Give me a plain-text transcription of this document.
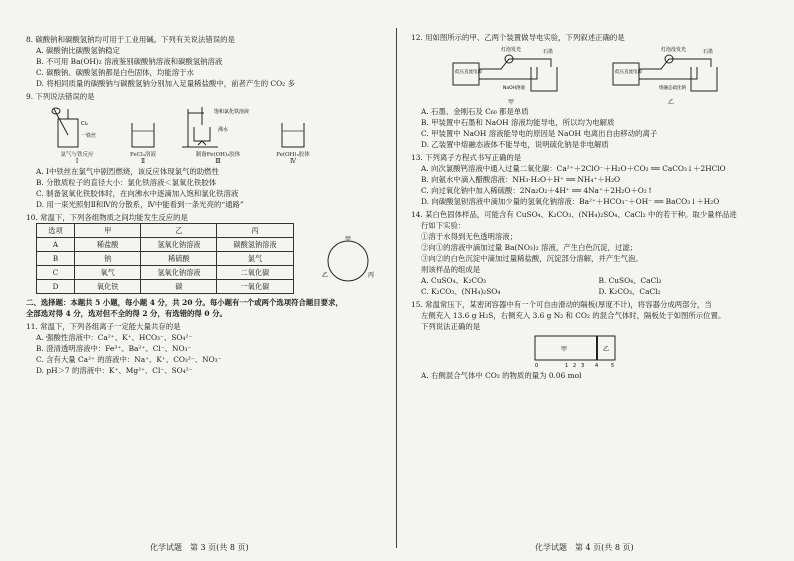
8. 碳酸钠和碳酸氢钠均可用于工业用碱。下列有关说法错误的是

A. 碳酸钠比碳酸氢钠稳定

B. 不可用 Ba(OH)₂ 溶液鉴别碳酸钠溶液和碳酸氢钠溶液

C. 碳酸钠、碳酸氢钠都是白色固体，均能溶于水

D. 将相同质量的碳酸钠与碳酸氢钠分别加入足量稀盐酸中，前者产生的 CO₂ 多

9. 下列说法错误的是

Cl₂
一铁丝
氯气与铁反应
Ⅰ
FeCl₃溶液
Ⅱ
饱和氯化铁溶液
沸水
制备Fe(OH)₃胶体
Ⅲ
Fe(OH)₃胶体
Ⅳ

A. Ⅰ中铁丝在氯气中剧烈燃烧，该反应体现氯气的助燃性

B. 分散质粒子的直径大小：氯化铁溶液＜氯氧化铁胶体

C. 制备氢氧化铁胶体时，在向沸水中逐滴加入饱和氯化铁溶液

D. 用一束光照射Ⅱ和Ⅳ的分散系，Ⅳ中能看到一条光亮的“通路”

10. 常温下，下列各组物质之间均能发生反应的是

选项	甲	乙	丙
A	稀盐酸	氢氧化钠溶液	碳酸氢钠溶液
B	钠	稀硫酸	氯气
C	氧气	氢氧化钠溶液	二氧化碳
D	氧化铁	碳	一氧化碳
甲
乙	丙

二、选择题：本题共 5 小题，每小题 4 分，共 20 分。每小题有一个或两个选项符合题目要求，

全部选对得 4 分，选对但不全的得 2 分，有选错的得 0 分。

11. 常温下，下列各组离子一定能大量共存的是

A. 强酸性溶液中：Ca²⁺、K⁺、HCO₃⁻、SO₄²⁻

B. 澄清透明溶液中：Fe³⁺、Ba²⁺、Cl⁻、NO₃⁻

C. 含有大量 Ca²⁺ 的溶液中：Na⁺、K⁺、CO₃²⁻、NO₃⁻

D. pH＞7 的溶液中：K⁺、Mg²⁺、Cl⁻、SO₄²⁻

化学试题　第 3 页(共 8 页)

12. 用如图所示的甲、乙两个装置做导电实验，下列叙述正确的是

灯泡发光	石墨
低压直流电源
NaOH溶液
甲
灯泡没发光	石墨
低压直流电源
熔融态硫化钠
乙

A. 石墨、金刚石及 C₆₀ 都是单质

B. 甲装置中石墨和 NaOH 溶液均能导电，所以均为电解质

C. 甲装置中 NaOH 溶液能导电的原因是 NaOH 电离出自由移动的离子

D. 乙装置中熔融态液体不能导电，说明硫化钠是非电解质

13. 下列离子方程式书写正确的是

A. 向次氯酸钙溶液中通入过量二氧化碳：Ca²⁺＋2ClO⁻＋H₂O＋CO₂ ══ CaCO₃↓＋2HClO

B. 向氨水中滴入醋酸溶液：NH₃·H₂O＋H⁺ ══ NH₄⁺＋H₂O

C. 向过氧化钠中加入稀硫酸：2Na₂O₂＋4H⁺ ══ 4Na⁺＋2H₂O＋O₂↑

D. 向碳酸氢钡溶液中滴加少量的氢氧化钠溶液：Ba²⁺＋HCO₃⁻＋OH⁻ ══ BaCO₃↓＋H₂O

14. 某白色固体样品，可能含有 CuSO₄、K₂CO₃、(NH₄)₂SO₄、CaCl₂ 中的若干种。取少量样品进

行如下实验：

①溶于水得到无色透明溶液；

②向①的溶液中滴加过量 Ba(NO₃)₂ 溶液，产生白色沉淀，过滤；

③向②的白色沉淀中滴加过量稀盐酸，沉淀部分溶解，并产生气泡。

则该样品的组成是

A. CuSO₄、K₂CO₃	B. CuSO₄、CaCl₂

C. K₂CO₃、(NH₄)₂SO₄	D. K₂CO₃、CaCl₂

15. 常温常压下，某密闭容器中有一个可自由滑动的隔板(厚度不计)，将容器分成两部分，当

左侧充入 13.6 g H₂S，右侧充入 3.6 g N₂ 和 CO₂ 的混合气体时，隔板处于如图所示位置。

下列说法正确的是

甲	乙
0	1 2 3 4	5

A. 右侧混合气体中 CO₂ 的物质的量为 0.06 mol

化学试题　第 4 页(共 8 页)
